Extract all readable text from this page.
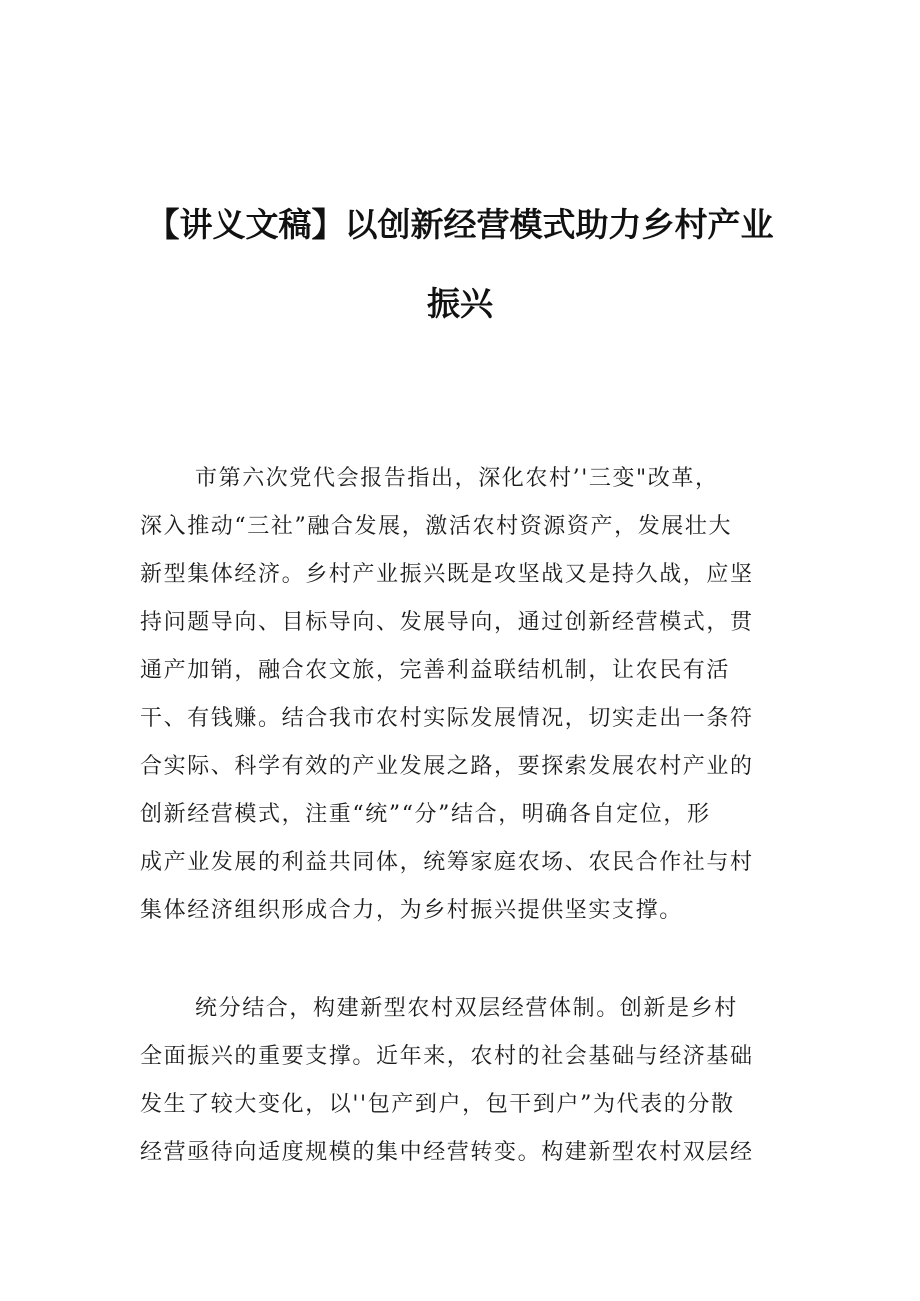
【讲义文稿】以创新经营模式助力乡村产业
振兴
市第六次党代会报告指出，深化农村’'三变"改革，
深入推动“三社”融合发展，激活农村资源资产，发展壮大
新型集体经济。乡村产业振兴既是攻坚战又是持久战，应坚
持问题导向、目标导向、发展导向，通过创新经营模式，贯
通产加销，融合农文旅，完善利益联结机制，让农民有活
干、有钱赚。结合我市农村实际发展情况，切实走出一条符
合实际、科学有效的产业发展之路，要探索发展农村产业的
创新经营模式，注重“统”“分”结合，明确各自定位，形
成产业发展的利益共同体，统筹家庭农场、农民合作社与村
集体经济组织形成合力，为乡村振兴提供坚实支撑。
统分结合，构建新型农村双层经营体制。创新是乡村
全面振兴的重要支撑。近年来，农村的社会基础与经济基础
发生了较大变化，以''包产到户，包干到户”为代表的分散
经营亟待向适度规模的集中经营转变。构建新型农村双层经
